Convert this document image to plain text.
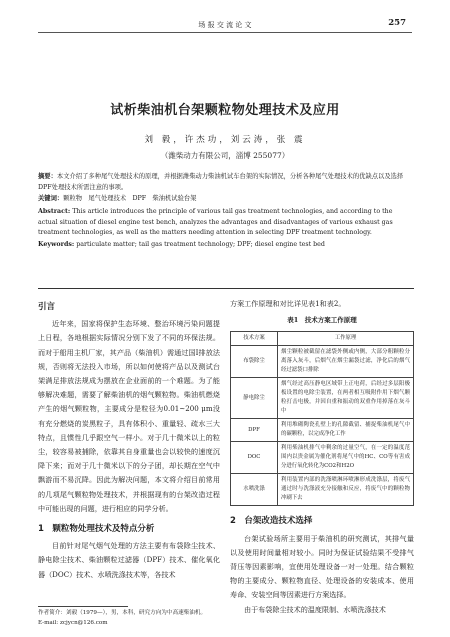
场 报 交 流 论 文	257
试析柴油机台架颗粒物处理技术及应用
刘 毅，许杰功，刘云涛，张 震
（潍柴动力有限公司，淄博 255077）
摘要：本文介绍了多种尾气处理技术的原理，并根据潍柴动力柴油机试车台架的实际情况，分析各种尾气处理技术的优缺点以及选择DPF处理技术所需注意的事项。
关键词：颗粒物　尾气处理技术　DPF　柴油机试验台架
Abstract: This article introduces the principle of various tail gas treatment technologies, and according to the actual situation of diesel engine test bench, analyzes the advantages and disadvantages of various exhaust gas treatment technologies, as well as the matters needing attention in selecting DPF treatment technology.
Keywords: particulate matter; tail gas treatment technology; DPF; diesel engine test bed
引言

近年来，国家将保护生态环境、整治环境污染问题提上日程，各地根据实际情况分别下发了不同的环保法规。而对于船用主机厂家，其产品（柴油机）需通过国Ⅰ排放法规，否则将无法投入市场，所以如何使将产品以及测试台架满足排放法规成为摆放在企业面前的一个难题。为了能够解决难题，需要了解柴油机的烟气颗粒物。柴油机燃烧产生的烟气颗粒物，主要成分是粒径为0.01~200 μm没有充分燃烧的炭黑粒子，具有体积小、重量轻、疏水三大特点，且惯性几乎跟空气一样小。对于几十微米以上的粒尘，较容易被捕除，依靠其自身重量也会以较快的速度沉降下来；而对于几十微米以下的分子团，却长期在空气中飘游而不易沉降。因此为解决问题，本文将介绍目前常用的几项尾气颗粒物处理技术，并根据现有的台架改造过程中可能出现的问题，进行相应的同学分析。

1　颗粒物处理技术及特点分析

目前针对尾气烟气处理的方法主要有布袋除尘技术、静电除尘技术、柴油颗粒过滤器（DPF）技术、催化氧化器（DOC）技术、水喷洗涤技术等，各技术

作者简介：刘毅（1979—），男，本科，研究方向为中高速柴油机。
E-mail: zcjycn@126.com
方案工作原理和对比详见表1和表2。
表1　技术方案工作原理
技术方案	工作原理
布袋除尘	烟尘颗粒被截留在滤袋外侧或内侧，大部分粗颗粒分离落入灰斗，后烟气在烟尘漏袋过滤，净化后的烟气经过滤袋口排除
静电除尘	烟气经过高压静电区域带上正电荷，后经过多层阳极板设置的电除尘装置，在两者相互吸附作用下烟气颗粒打击电极，并因自重和振动的双重作用掉落在灰斗中
DPF	利用堆砌陶瓷孔壁上的孔隙截留、捕捉柴油机尾气中的碳颗粒，以完成净化工作
DOC	利用柴油机排气中剩余的过量空气，在一定的温度范围内以贵金属为催化剂将尾气中的HC、CO等有害成分进行氧化转化为CO2和H2O
水喷洗涤	利用装置内部的洗涤喷淋环喷淋形成洗涤层，将废气通过时与洗涤液充分接触和反应，将废气中的颗粒物冲刷下去
2　台架改造技术选择

台架试验场所主要用于柴油机的研究测试，其排气量以及使用时间量相对较小。同时为保证试验结果不受排气背压等因素影响，宜使用处理设备一对一处理。结合颗粒物的主要成分、颗粒物直径、处理设备的安装成本、使用寿命、安装空间等因素进行方案选择。

由于布袋除尘技术的温度限制、水喷洗涤技术
